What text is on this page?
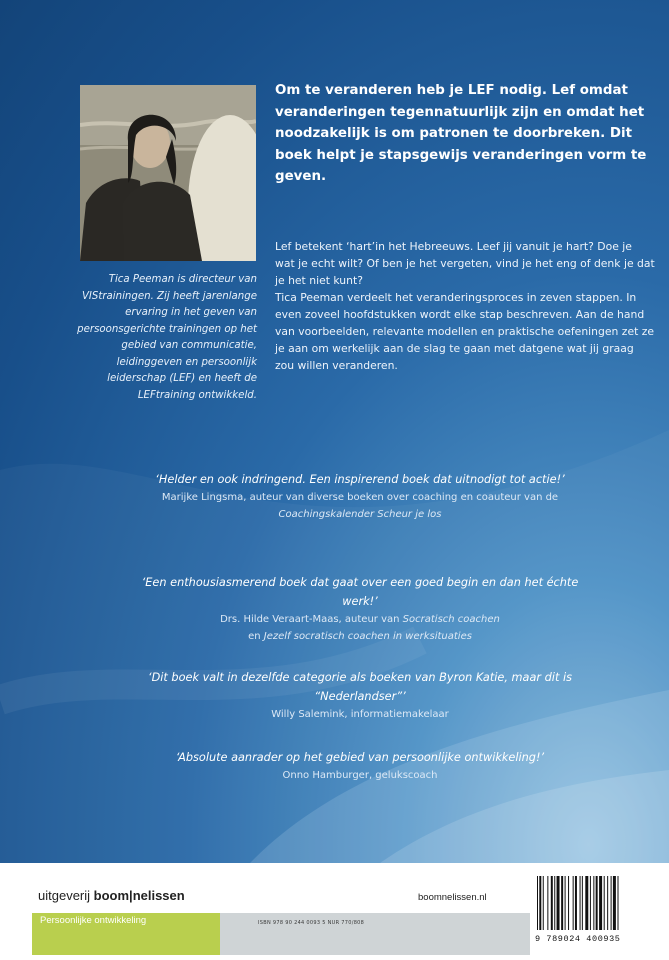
Tica Peeman is directeur van VIStrainingen. Zij heeft jarenlange ervaring in het geven van persoonsgerichte trainingen op het gebied van communicatie, leidinggeven en persoonlijk leiderschap (LEF) en heeft de LEFtraining ontwikkeld.

Om te veranderen heb je LEF nodig. Lef omdat veranderingen tegennatuurlijk zijn en omdat het noodzakelijk is om patronen te doorbreken. Dit boek helpt je stapsgewijs veranderingen vorm te geven.

Lef betekent ‘hart’in het Hebreeuws. Leef jij vanuit je hart? Doe je wat je echt wilt? Of ben je het vergeten, vind je het eng of denk je dat je het niet kunt?

Tica Peeman verdeelt het veranderingsproces in zeven stappen. In even zoveel hoofdstukken wordt elke stap beschreven. Aan de hand van voorbeelden, relevante modellen en praktische oefeningen zet ze je aan om werkelijk aan de slag te gaan met datgene wat jij graag zou willen veranderen.

‘Helder en ook indringend. Een inspirerend boek dat uitnodigt tot actie!’
Marijke Lingsma, auteur van diverse boeken over coaching en coauteur van de Coachingskalender Scheur je los
‘Een enthousiasmerend boek dat gaat over een goed begin en dan het échte werk!’
Drs. Hilde Veraart-Maas, auteur van Socratisch coachen
en Jezelf socratisch coachen in werksituaties
‘Dit boek valt in dezelfde categorie als boeken van Byron Katie, maar dit is “Nederlandser”’
Willy Salemink, informatiemakelaar
‘Absolute aanrader op het gebied van persoonlijke ontwikkeling!’
Onno Hamburger, gelukscoach
uitgeverij boom|nelissen	boomnelissen.nl
Persoonlijke ontwikkeling	ISBN 978 90 244 0093 5 NUR 770/808
9 789024 400935
